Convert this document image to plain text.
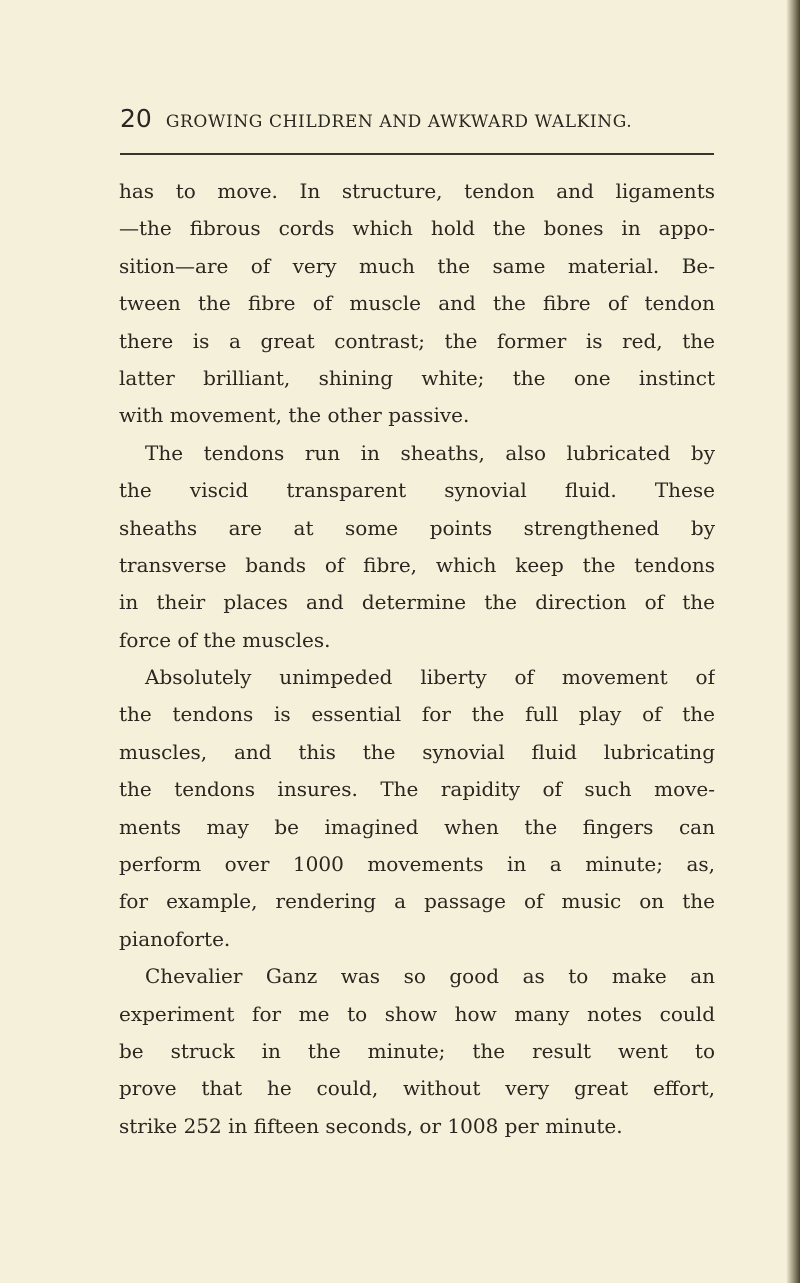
20 GROWING CHILDREN AND AWKWARD WALKING.
has to move. In structure, tendon and ligaments
—the fibrous cords which hold the bones in appo-
sition—are of very much the same material. Be-
tween the fibre of muscle and the fibre of tendon
there is a great contrast; the former is red, the
latter brilliant, shining white; the one instinct
with movement, the other passive.
The tendons run in sheaths, also lubricated by
the viscid transparent synovial fluid. These
sheaths are at some points strengthened by
transverse bands of fibre, which keep the tendons
in their places and determine the direction of the
force of the muscles.
Absolutely unimpeded liberty of movement of
the tendons is essential for the full play of the
muscles, and this the synovial fluid lubricating
the tendons insures. The rapidity of such move-
ments may be imagined when the fingers can
perform over 1000 movements in a minute; as,
for example, rendering a passage of music on the
pianoforte.
Chevalier Ganz was so good as to make an
experiment for me to show how many notes could
be struck in the minute; the result went to
prove that he could, without very great effort,
strike 252 in fifteen seconds, or 1008 per minute.
